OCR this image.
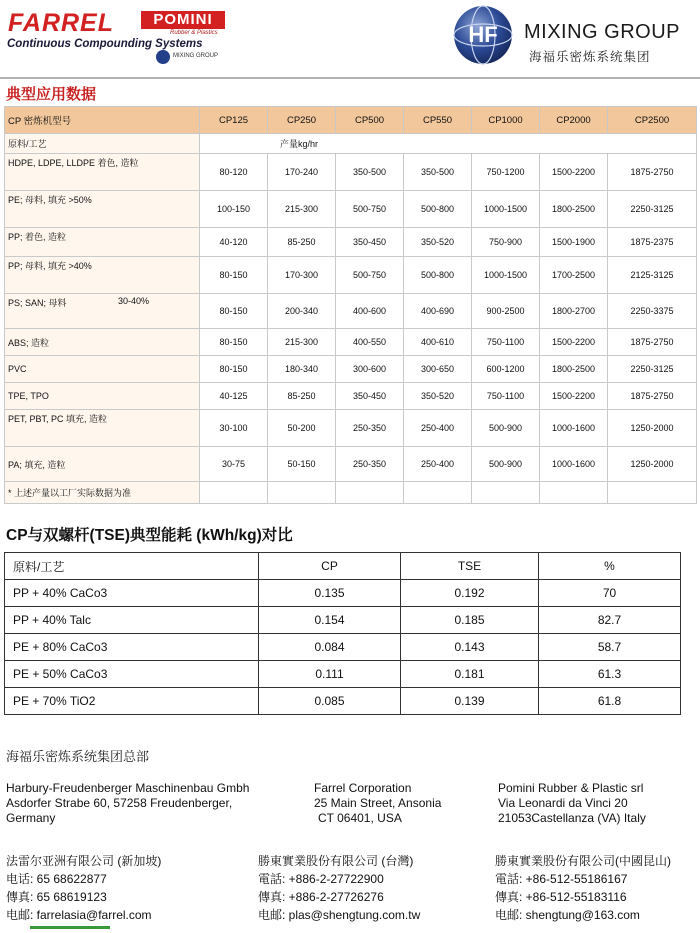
FARREL	POMINI
Rubber & Plastics
Continuous Compounding Systems
MIXING GROUP
HF MIXING GROUP
海福乐密炼系统集团
典型应用数据
CP 密炼机型号	CP125	CP250	CP500	CP550	CP1000	CP2000	CP2500
原料/工艺	产量kg/hr						
HDPE, LDPE, LLDPE 着色, 造粒	80-120	170-240	350-500	350-500	750-1200	1500-2200	1875-2750
PE; 母料, 填充 >50%	100-150	215-300	500-750	500-800	1000-1500	1800-2500	2250-3125
PP; 着色, 造粒	40-120	85-250	350-450	350-520	750-900	1500-1900	1875-2375
PP; 母料, 填充 >40%	80-150	170-300	500-750	500-800	1000-1500	1700-2500	2125-3125

PS; SAN; 母料 30-40%	80-150	200-340	400-600	400-690	900-2500	1800-2700	2250-3375
ABS; 造粒	80-150	215-300	400-550	400-610	750-1100	1500-2200	1875-2750
PVC	80-150	180-340	300-600	300-650	600-1200	1800-2500	2250-3125
TPE, TPO	40-125	85-250	350-450	350-520	750-1100	1500-2200	1875-2750
PET, PBT, PC 填充, 造粒	30-100	50-200	250-350	250-400	500-900	1000-1600	1250-2000
PA; 填充, 造粒	30-75	50-150	250-350	250-400	500-900	1000-1600	1250-2000
* 上述产量以工厂实际数据为准							
CP与双螺杆(TSE)典型能耗 (kWh/kg)对比
原料/工艺	CP	TSE	%
PP + 40% CaCo3	0.135	0.192	70
PP + 40% Talc	0.154	0.185	82.7
PE + 80% CaCo3	0.084	0.143	58.7
PE + 50% CaCo3	0.111	0.181	61.3
PE + 70% TiO2	0.085	0.139	61.8
海福乐密炼系统集团总部
Harbury-Freudenberger Maschinenbau Gmbh
Asdorfer Strabe 60, 57258 Freudenberger,
Germany
Farrel Corporation
25 Main Street, Ansonia
CT 06401, USA
Pomini Rubber & Plastic srl
Via Leonardi da Vinci 20
21053Castellanza (VA) Italy
法雷尔亚洲有限公司 (新加坡)
电话: 65 68622877
傳真: 65 68619123
电邮: farrelasia@farrel.com
勝東實業股份有限公司 (台灣)
電話: +886-2-27722900
傳真: +886-2-27726276
电邮: plas@shengtung.com.tw
勝東實業股份有限公司(中國昆山)
電話: +86-512-55186167
傳真: +86-512-55183116
电邮: shengtung@163.com
